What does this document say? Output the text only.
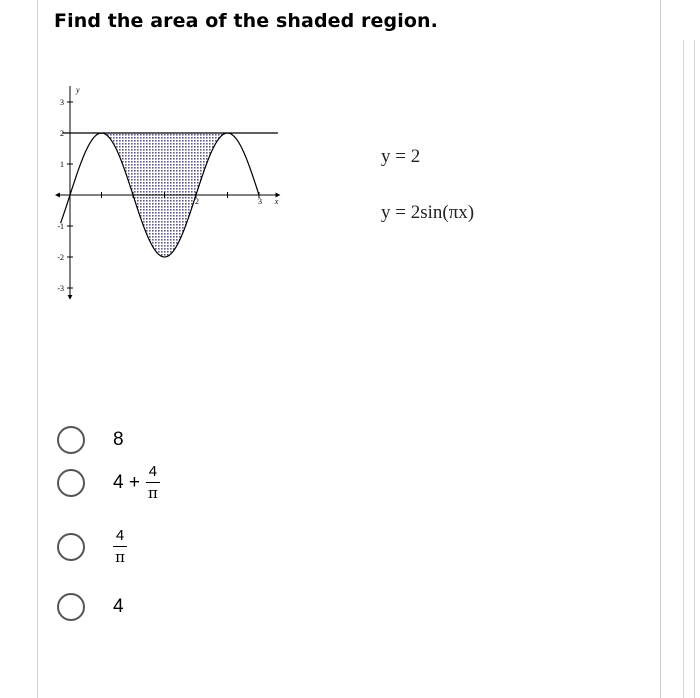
Find the area of the shaded region.
3
2
1
-1
-2
-3
2	3 x
y
y = 2
y = 2sin(πx)
8
$4 + \frac{4}{\pi}$
$\frac{4}{\pi}$
4
